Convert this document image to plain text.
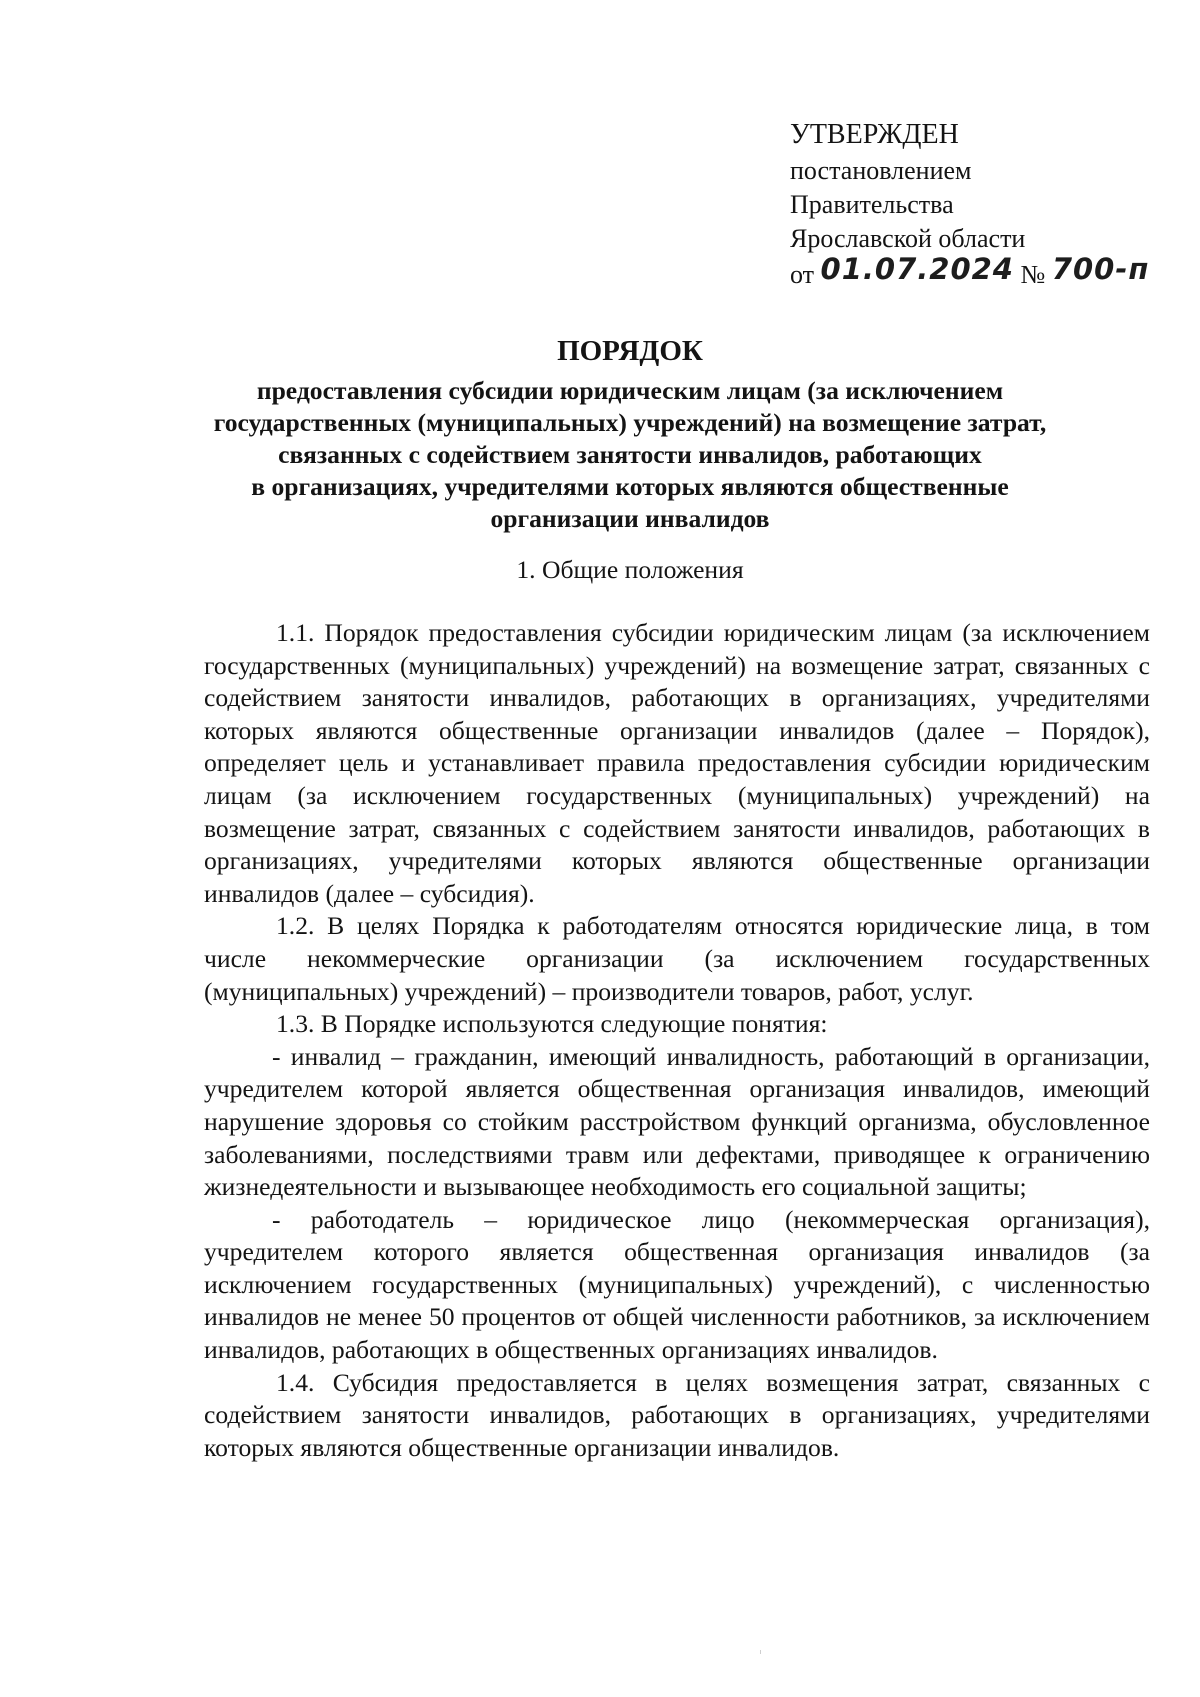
УТВЕРЖДЕН
постановлением
Правительства
Ярославской области
от 01.07.2024 № 700-п
ПОРЯДОК
предоставления субсидии юридическим лицам (за исключением
государственных (муниципальных) учреждений) на возмещение затрат,
связанных с содействием занятости инвалидов, работающих
в организациях, учредителями которых являются общественные
организации инвалидов
1. Общие положения
1.1. Порядок предоставления субсидии юридическим лицам (за исключением государственных (муниципальных) учреждений) на возмещение затрат, связанных с содействием занятости инвалидов, работающих в организациях, учредителями которых являются общественные организации инвалидов (далее – Порядок), определяет цель и устанавливает правила предоставления субсидии юридическим лицам (за исключением государственных (муниципальных) учреждений) на возмещение затрат, связанных с содействием занятости инвалидов, работающих в организациях, учредителями которых являются общественные организации инвалидов (далее – субсидия).
1.2. В целях Порядка к работодателям относятся юридические лица, в том числе некоммерческие организации (за исключением государственных (муниципальных) учреждений) – производители товаров, работ, услуг.
1.3. В Порядке используются следующие понятия:
- инвалид – гражданин, имеющий инвалидность, работающий в организации, учредителем которой является общественная организация инвалидов, имеющий нарушение здоровья со стойким расстройством функций организма, обусловленное заболеваниями, последствиями травм или дефектами, приводящее к ограничению жизнедеятельности и вызывающее необходимость его социальной защиты;
- работодатель – юридическое лицо (некоммерческая организация), учредителем которого является общественная организация инвалидов (за исключением государственных (муниципальных) учреждений), с численностью инвалидов не менее 50 процентов от общей численности работников, за исключением инвалидов, работающих в общественных организациях инвалидов.
1.4. Субсидия предоставляется в целях возмещения затрат, связанных с содействием занятости инвалидов, работающих в организациях, учредителями которых являются общественные организации инвалидов.
